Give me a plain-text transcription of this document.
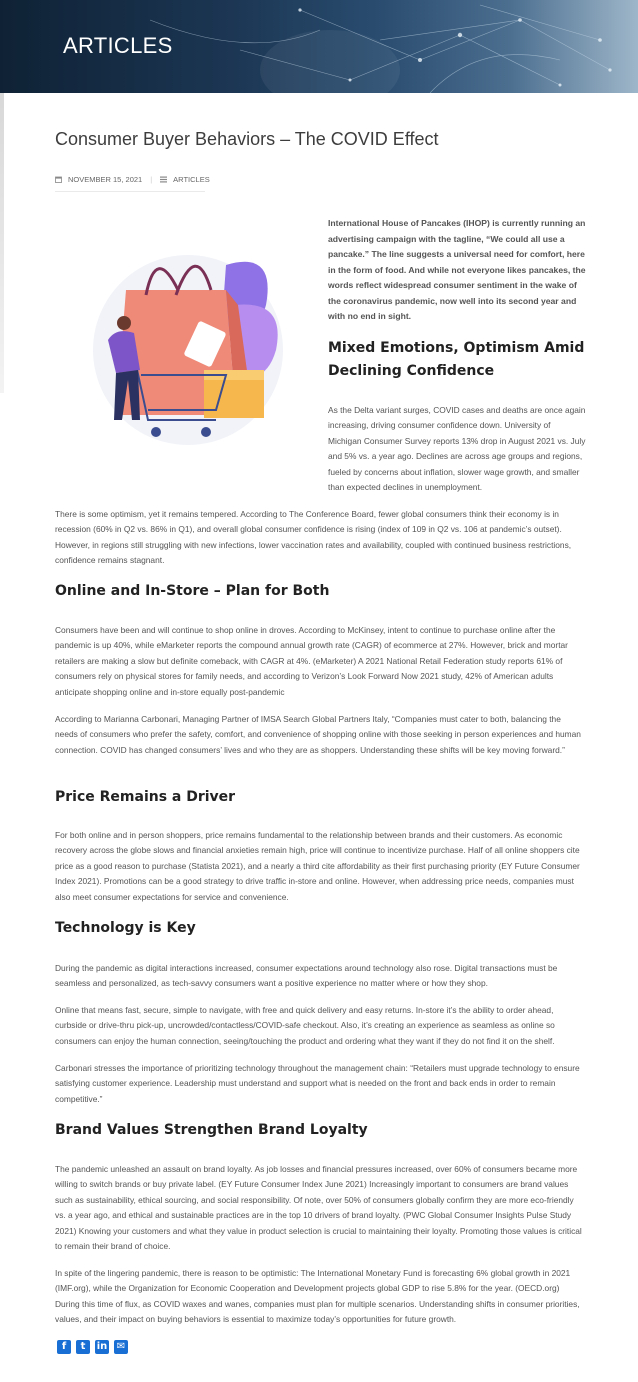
ARTICLES
Consumer Buyer Behaviors – The COVID Effect
NOVEMBER 15, 2021 |	ARTICLES

International House of Pancakes (IHOP) is currently running an advertising campaign with the tagline, “We could all use a pancake.” The line suggests a universal need for comfort, here in the form of food. And while not everyone likes pancakes, the words reflect widespread consumer sentiment in the wake of the coronavirus pandemic, now well into its second year and with no end in sight.

Mixed Emotions, Optimism Amid Declining Confidence

As the Delta variant surges, COVID cases and deaths are once again increasing, driving consumer confidence down. University of Michigan Consumer Survey reports 13% drop in August 2021 vs. July and 5% vs. a year ago. Declines are across age groups and regions, fueled by concerns about inflation, slower wage growth, and smaller than expected declines in unemployment.

There is some optimism, yet it remains tempered. According to The Conference Board, fewer global consumers think their economy is in recession (60% in Q2 vs. 86% in Q1), and overall global consumer confidence is rising (index of 109 in Q2 vs. 106 at pandemic’s outset). However, in regions still struggling with new infections, lower vaccination rates and availability, coupled with continued business restrictions, confidence remains stagnant.

Online and In-Store – Plan for Both

Consumers have been and will continue to shop online in droves. According to McKinsey, intent to continue to purchase online after the pandemic is up 40%, while eMarketer reports the compound annual growth rate (CAGR) of ecommerce at 27%. However, brick and mortar retailers are making a slow but definite comeback, with CAGR at 4%. (eMarketer) A 2021 National Retail Federation study reports 61% of consumers rely on physical stores for family needs, and according to Verizon’s Look Forward Now 2021 study, 42% of American adults anticipate shopping online and in-store equally post-pandemic

According to Marianna Carbonari, Managing Partner of IMSA Search Global Partners Italy, “Companies must cater to both, balancing the needs of consumers who prefer the safety, comfort, and convenience of shopping online with those seeking in person experiences and human connection. COVID has changed consumers’ lives and who they are as shoppers. Understanding these shifts will be key moving forward.”

Price Remains a Driver

For both online and in person shoppers, price remains fundamental to the relationship between brands and their customers. As economic recovery across the globe slows and financial anxieties remain high, price will continue to incentivize purchase. Half of all online shoppers cite price as a good reason to purchase (Statista 2021), and a nearly a third cite affordability as their first purchasing priority (EY Future Consumer Index 2021). Promotions can be a good strategy to drive traffic in-store and online. However, when addressing price needs, companies must also meet consumer expectations for service and convenience.

Technology is Key

During the pandemic as digital interactions increased, consumer expectations around technology also rose. Digital transactions must be seamless and personalized, as tech-savvy consumers want a positive experience no matter where or how they shop.

Online that means fast, secure, simple to navigate, with free and quick delivery and easy returns. In-store it’s the ability to order ahead, curbside or drive-thru pick-up, uncrowded/contactless/COVID-safe checkout. Also, it’s creating an experience as seamless as online so consumers can enjoy the human connection, seeing/touching the product and ordering what they want if they do not find it on the shelf.

Carbonari stresses the importance of prioritizing technology throughout the management chain: “Retailers must upgrade technology to ensure satisfying customer experience. Leadership must understand and support what is needed on the front and back ends in order to remain competitive.”

Brand Values Strengthen Brand Loyalty

The pandemic unleashed an assault on brand loyalty. As job losses and financial pressures increased, over 60% of consumers became more willing to switch brands or buy private label. (EY Future Consumer Index June 2021) Increasingly important to consumers are brand values such as sustainability, ethical sourcing, and social responsibility. Of note, over 50% of consumers globally confirm they are more eco-friendly vs. a year ago, and ethical and sustainable practices are in the top 10 drivers of brand loyalty. (PWC Global Consumer Insights Pulse Study 2021) Knowing your customers and what they value in product selection is crucial to maintaining their loyalty. Promoting those values is critical to remain their brand of choice.

In spite of the lingering pandemic, there is reason to be optimistic: The International Monetary Fund is forecasting 6% global growth in 2021 (IMF.org), while the Organization for Economic Cooperation and Development projects global GDP to rise 5.8% for the year. (OECD.org) During this time of flux, as COVID waxes and wanes, companies must plan for multiple scenarios. Understanding shifts in consumer priorities, values, and their impact on buying behaviors is essential to maximize today’s opportunities for future growth.

f	t	in ✉
